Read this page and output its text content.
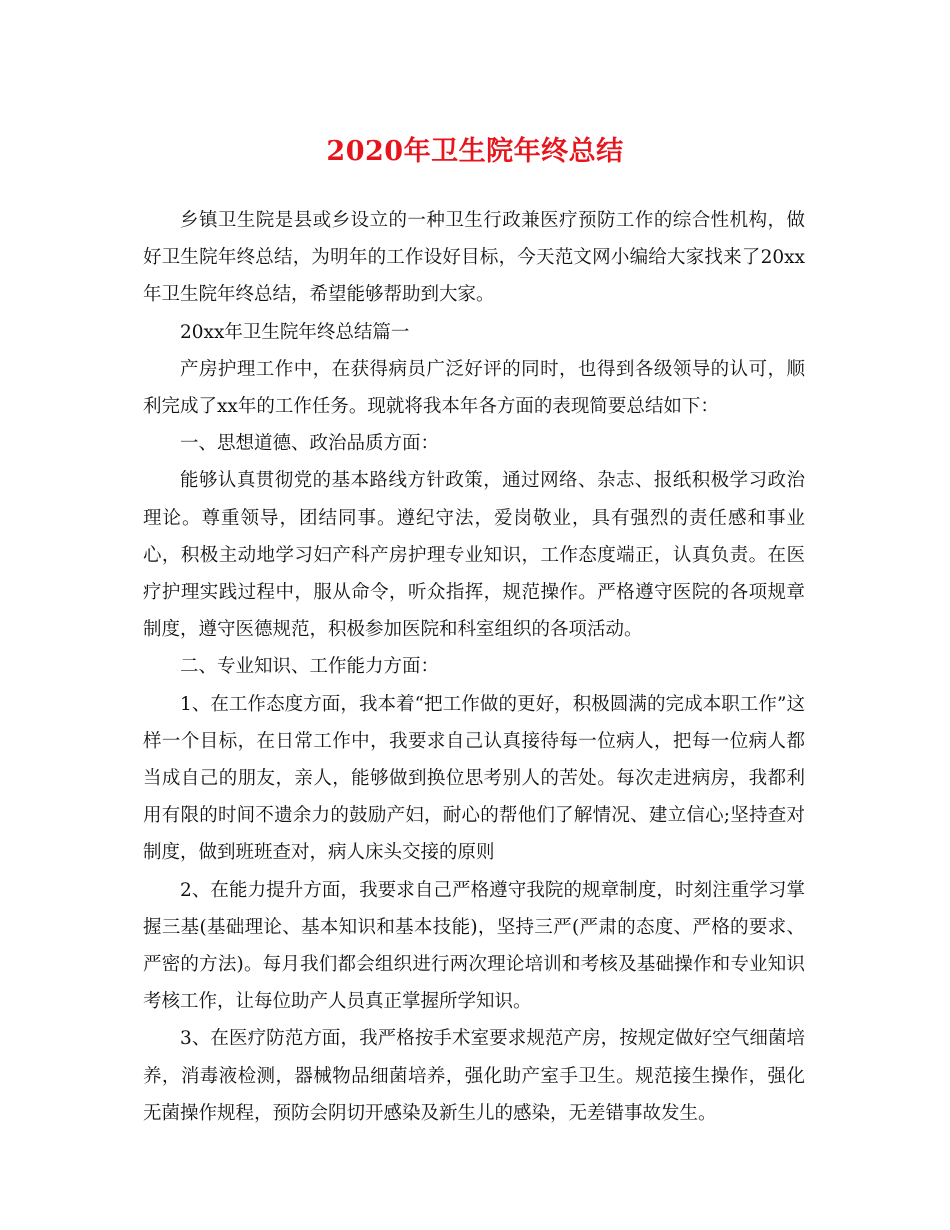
2020年卫生院年终总结

乡镇卫生院是县或乡设立的一种卫生行政兼医疗预防工作的综合性机构，做好卫生院年终总结，为明年的工作设好目标，今天范文网小编给大家找来了20xx年卫生院年终总结，希望能够帮助到大家。

20xx年卫生院年终总结篇一

产房护理工作中，在获得病员广泛好评的同时，也得到各级领导的认可，顺利完成了xx年的工作任务。现就将我本年各方面的表现简要总结如下：

一、思想道德、政治品质方面：

能够认真贯彻党的基本路线方针政策，通过网络、杂志、报纸积极学习政治理论。尊重领导，团结同事。遵纪守法，爱岗敬业，具有强烈的责任感和事业心，积极主动地学习妇产科产房护理专业知识，工作态度端正，认真负责。在医疗护理实践过程中，服从命令，听众指挥，规范操作。严格遵守医院的各项规章制度，遵守医德规范，积极参加医院和科室组织的各项活动。

二、专业知识、工作能力方面：

1、在工作态度方面，我本着“把工作做的更好，积极圆满的完成本职工作”这样一个目标，在日常工作中，我要求自己认真接待每一位病人，把每一位病人都当成自己的朋友，亲人，能够做到换位思考别人的苦处。每次走进病房，我都利用有限的时间不遗余力的鼓励产妇，耐心的帮他们了解情况、建立信心;坚持查对制度，做到班班查对，病人床头交接的原则

2、在能力提升方面，我要求自己严格遵守我院的规章制度，时刻注重学习掌握三基(基础理论、基本知识和基本技能)，坚持三严(严肃的态度、严格的要求、严密的方法)。每月我们都会组织进行两次理论培训和考核及基础操作和专业知识考核工作，让每位助产人员真正掌握所学知识。

3、在医疗防范方面，我严格按手术室要求规范产房，按规定做好空气细菌培养，消毒液检测，器械物品细菌培养，强化助产室手卫生。规范接生操作，强化无菌操作规程，预防会阴切开感染及新生儿的感染，无差错事故发生。
